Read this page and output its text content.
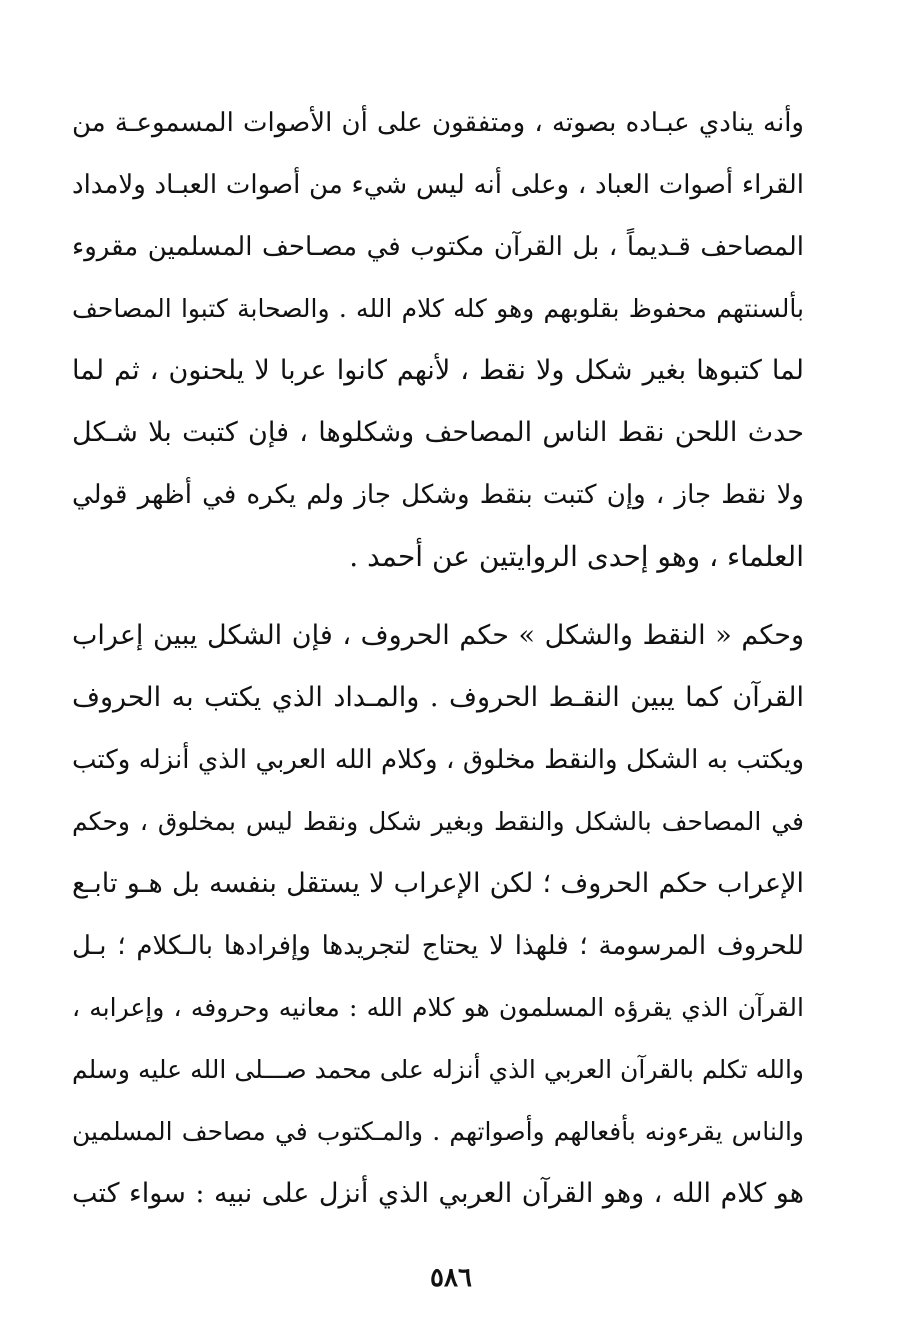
وأنه ينادي عبـاده بصوته ، ومتفقون على أن الأصوات المسموعـة من
القراء أصوات العباد ، وعلى أنه ليس شيء من أصوات العبـاد ولامداد
المصاحف قـديماً ، بل القرآن مكتوب في مصـاحف المسلمين مقروء
بألسنتهم محفوظ بقلوبهم وهو كله كلام الله . والصحابة كتبوا المصاحف
لما كتبوها بغير شكل ولا نقط ، لأنهم كانوا عربا لا يلحنون ، ثم لما
حدث اللحن نقط الناس المصاحف وشكلوها ، فإن كتبت بلا شـكل
ولا نقط جاز ، وإن كتبت بنقط وشكل جاز ولم يكره في أظهر قولي
العلماء ، وهو إحدى الروايتين عن أحمد .
وحكم « النقط والشكل » حكم الحروف ، فإن الشكل يبين إعراب
القرآن كما يبين النقـط الحروف . والمـداد الذي يكتب به الحروف
ويكتب به الشكل والنقط مخلوق ، وكلام الله العربي الذي أنزله وكتب
في المصاحف بالشكل والنقط وبغير شكل ونقط ليس بمخلوق ، وحكم
الإعراب حكم الحروف ؛ لكن الإعراب لا يستقل بنفسه بل هـو تابـع
للحروف المرسومة ؛ فلهذا لا يحتاج لتجريدها وإفرادها بالـكلام ؛ بـل
القرآن الذي يقرؤه المسلمون هو كلام الله : معانيه وحروفه ، وإعرابه ،
والله تكلم بالقرآن العربي الذي أنزله على محمد صـــلى الله عليه وسلم
والناس يقرءونه بأفعالهم وأصواتهم . والمـكتوب في مصاحف المسلمين
هو كلام الله ، وهو القرآن العربي الذي أنزل على نبيه : سواء كتب
٥٨٦
